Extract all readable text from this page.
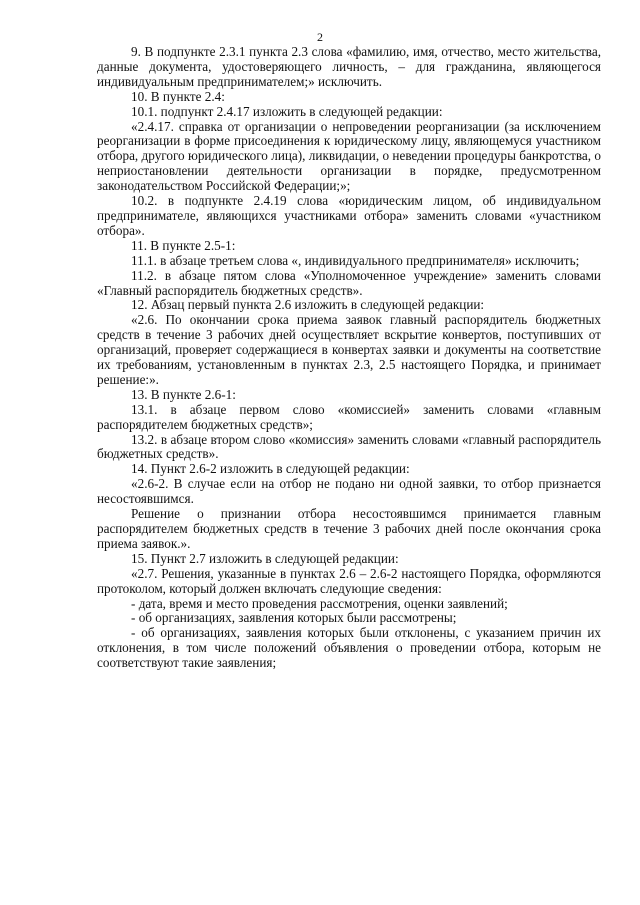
2

9. В подпункте 2.3.1 пункта 2.3 слова «фамилию, имя, отчество, место жительства, данные документа, удостоверяющего личность, – для гражданина, являющегося индивидуальным предпринимателем;» исключить.

10. В пункте 2.4:

10.1. подпункт 2.4.17 изложить в следующей редакции:

«2.4.17. справка от организации о непроведении реорганизации (за исключением реорганизации в форме присоединения к юридическому лицу, являющемуся участником отбора, другого юридического лица), ликвидации, о неведении процедуры банкротства, о неприостановлении деятельности организации в порядке, предусмотренном законодательством Российской Федерации;»;

10.2. в подпункте 2.4.19 слова «юридическим лицом, об индивидуальном предпринимателе, являющихся участниками отбора» заменить словами «участником отбора».

11. В пункте 2.5-1:

11.1. в абзаце третьем слова «, индивидуального предпринимателя» исключить;

11.2. в абзаце пятом слова «Уполномоченное учреждение» заменить словами «Главный распорядитель бюджетных средств».

12. Абзац первый пункта 2.6 изложить в следующей редакции:

«2.6. По окончании срока приема заявок главный распорядитель бюджетных средств в течение 3 рабочих дней осуществляет вскрытие конвертов, поступивших от организаций, проверяет содержащиеся в конвертах заявки и документы на соответствие их требованиям, установленным в пунктах 2.3, 2.5 настоящего Порядка, и принимает решение:».

13. В пункте 2.6-1:

13.1. в абзаце первом слово «комиссией» заменить словами «главным распорядителем бюджетных средств»;

13.2. в абзаце втором слово «комиссия» заменить словами «главный распорядитель бюджетных средств».

14. Пункт 2.6-2 изложить в следующей редакции:

«2.6-2. В случае если на отбор не подано ни одной заявки, то отбор признается несостоявшимся.

Решение о признании отбора несостоявшимся принимается главным распорядителем бюджетных средств в течение 3 рабочих дней после окончания срока приема заявок.».

15. Пункт 2.7 изложить в следующей редакции:

«2.7. Решения, указанные в пунктах 2.6 – 2.6-2 настоящего Порядка, оформляются протоколом, который должен включать следующие сведения:

- дата, время и место проведения рассмотрения, оценки заявлений;

- об организациях, заявления которых были рассмотрены;

- об организациях, заявления которых были отклонены, с указанием причин их отклонения, в том числе положений объявления о проведении отбора, которым не соответствуют такие заявления;
